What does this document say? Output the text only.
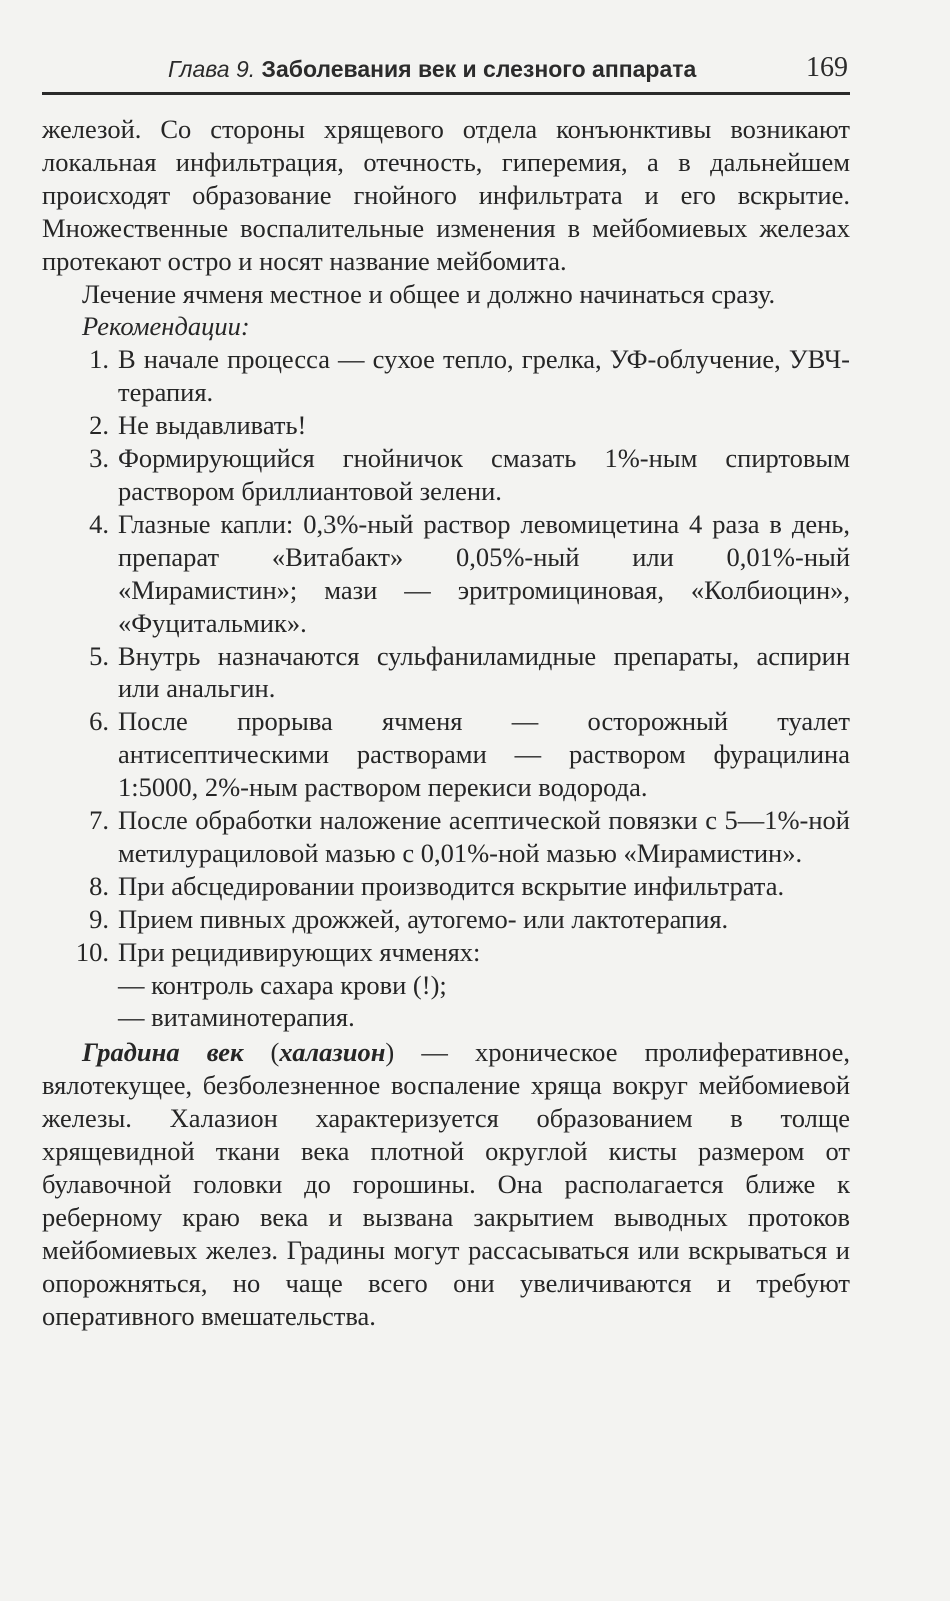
Глава 9. Заболевания век и слезного аппарата	169

железой. Со стороны хрящевого отдела конъюнктивы возникают локальная инфильтрация, отечность, гиперемия, а в дальнейшем происходят образование гнойного инфильтрата и его вскрытие. Множественные воспалительные изменения в мейбомиевых железах протекают остро и носят название мейбомита.

Лечение ячменя местное и общее и должно начинаться сразу.

Рекомендации:

1. В начале процесса — сухое тепло, грелка, УФ-облучение, УВЧ-терапия.
2. Не выдавливать!
3. Формирующийся гнойничок смазать 1%-ным спиртовым раствором бриллиантовой зелени.
4. Глазные капли: 0,3%-ный раствор левомицетина 4 раза в день, препарат «Витабакт» 0,05%-ный или 0,01%-ный «Мирамистин»; мази — эритромициновая, «Колбиоцин», «Фуцитальмик».
5. Внутрь назначаются сульфаниламидные препараты, аспирин или анальгин.
6. После прорыва ячменя — осторожный туалет антисептическими растворами — раствором фурацилина 1:5000, 2%-ным раствором перекиси водорода.
7. После обработки наложение асептической повязки с 5—1%-ной метилурациловой мазью с 0,01%-ной мазью «Мирамистин».
8. При абсцедировании производится вскрытие инфильтрата.
9. Прием пивных дрожжей, аутогемо- или лактотерапия.
10. При рецидивирующих ячменях:
— контроль сахара крови (!);
— витаминотерапия.

Градина век (халазион) — хроническое пролиферативное, вялотекущее, безболезненное воспаление хряща вокруг мейбомиевой железы. Халазион характеризуется образованием в толще хрящевидной ткани века плотной округлой кисты размером от булавочной головки до горошины. Она располагается ближе к реберному краю века и вызвана закрытием выводных протоков мейбомиевых желез. Градины могут рассасываться или вскрываться и опорожняться, но чаще всего они увеличиваются и требуют оперативного вмешательства.
